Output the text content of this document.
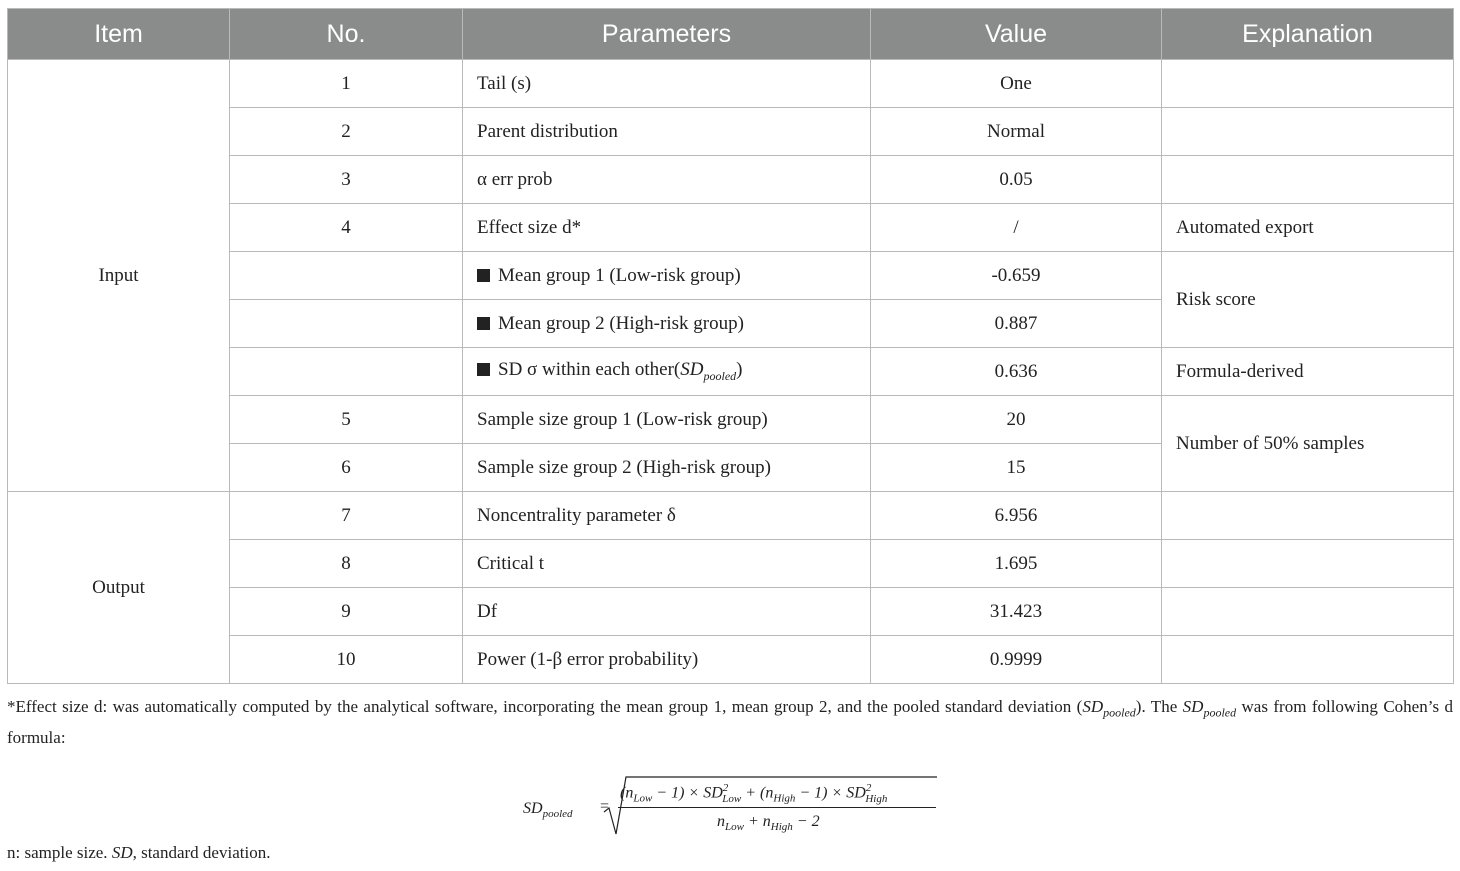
Item	No.	Parameters	Value	Explanation
Input	1	Tail (s)	One	
	2	Parent distribution	Normal	
	3	α err prob	0.05	
	4	Effect size d*	/	Automated export
		Mean group 1 (Low-risk group)	-0.659	Risk score
		Mean group 2 (High-risk group)	0.887	
		SD σ within each $other(SD_{pooled})$	0.636	Formula-derived
	5	Sample size group 1 (Low-risk group)	20	Number of 50% samples
	6	Sample size group 2 (High-risk group)	15	
Output	7	Noncentrality parameter δ	6.956	
	8	Critical t	1.695	
	9	Df	31.423	
	10	Power (1-β error probability)	0.9999	
*Effect size d: was automatically computed by the analytical software, incorporating the mean group 1, mean group 2, and the pooled standard deviation $(SD_{pooled})$. The $SD_{pooled}$ was from following Cohen’s d formula:
$SD_{pooled}$ =
$(n_{Low} - 1) \times SD^2_{Low} + (n_{High} - 1) \times SD^2_{High}$
$n_{Low} + n_{High} - 2$
n: sample size. SD, standard deviation.
